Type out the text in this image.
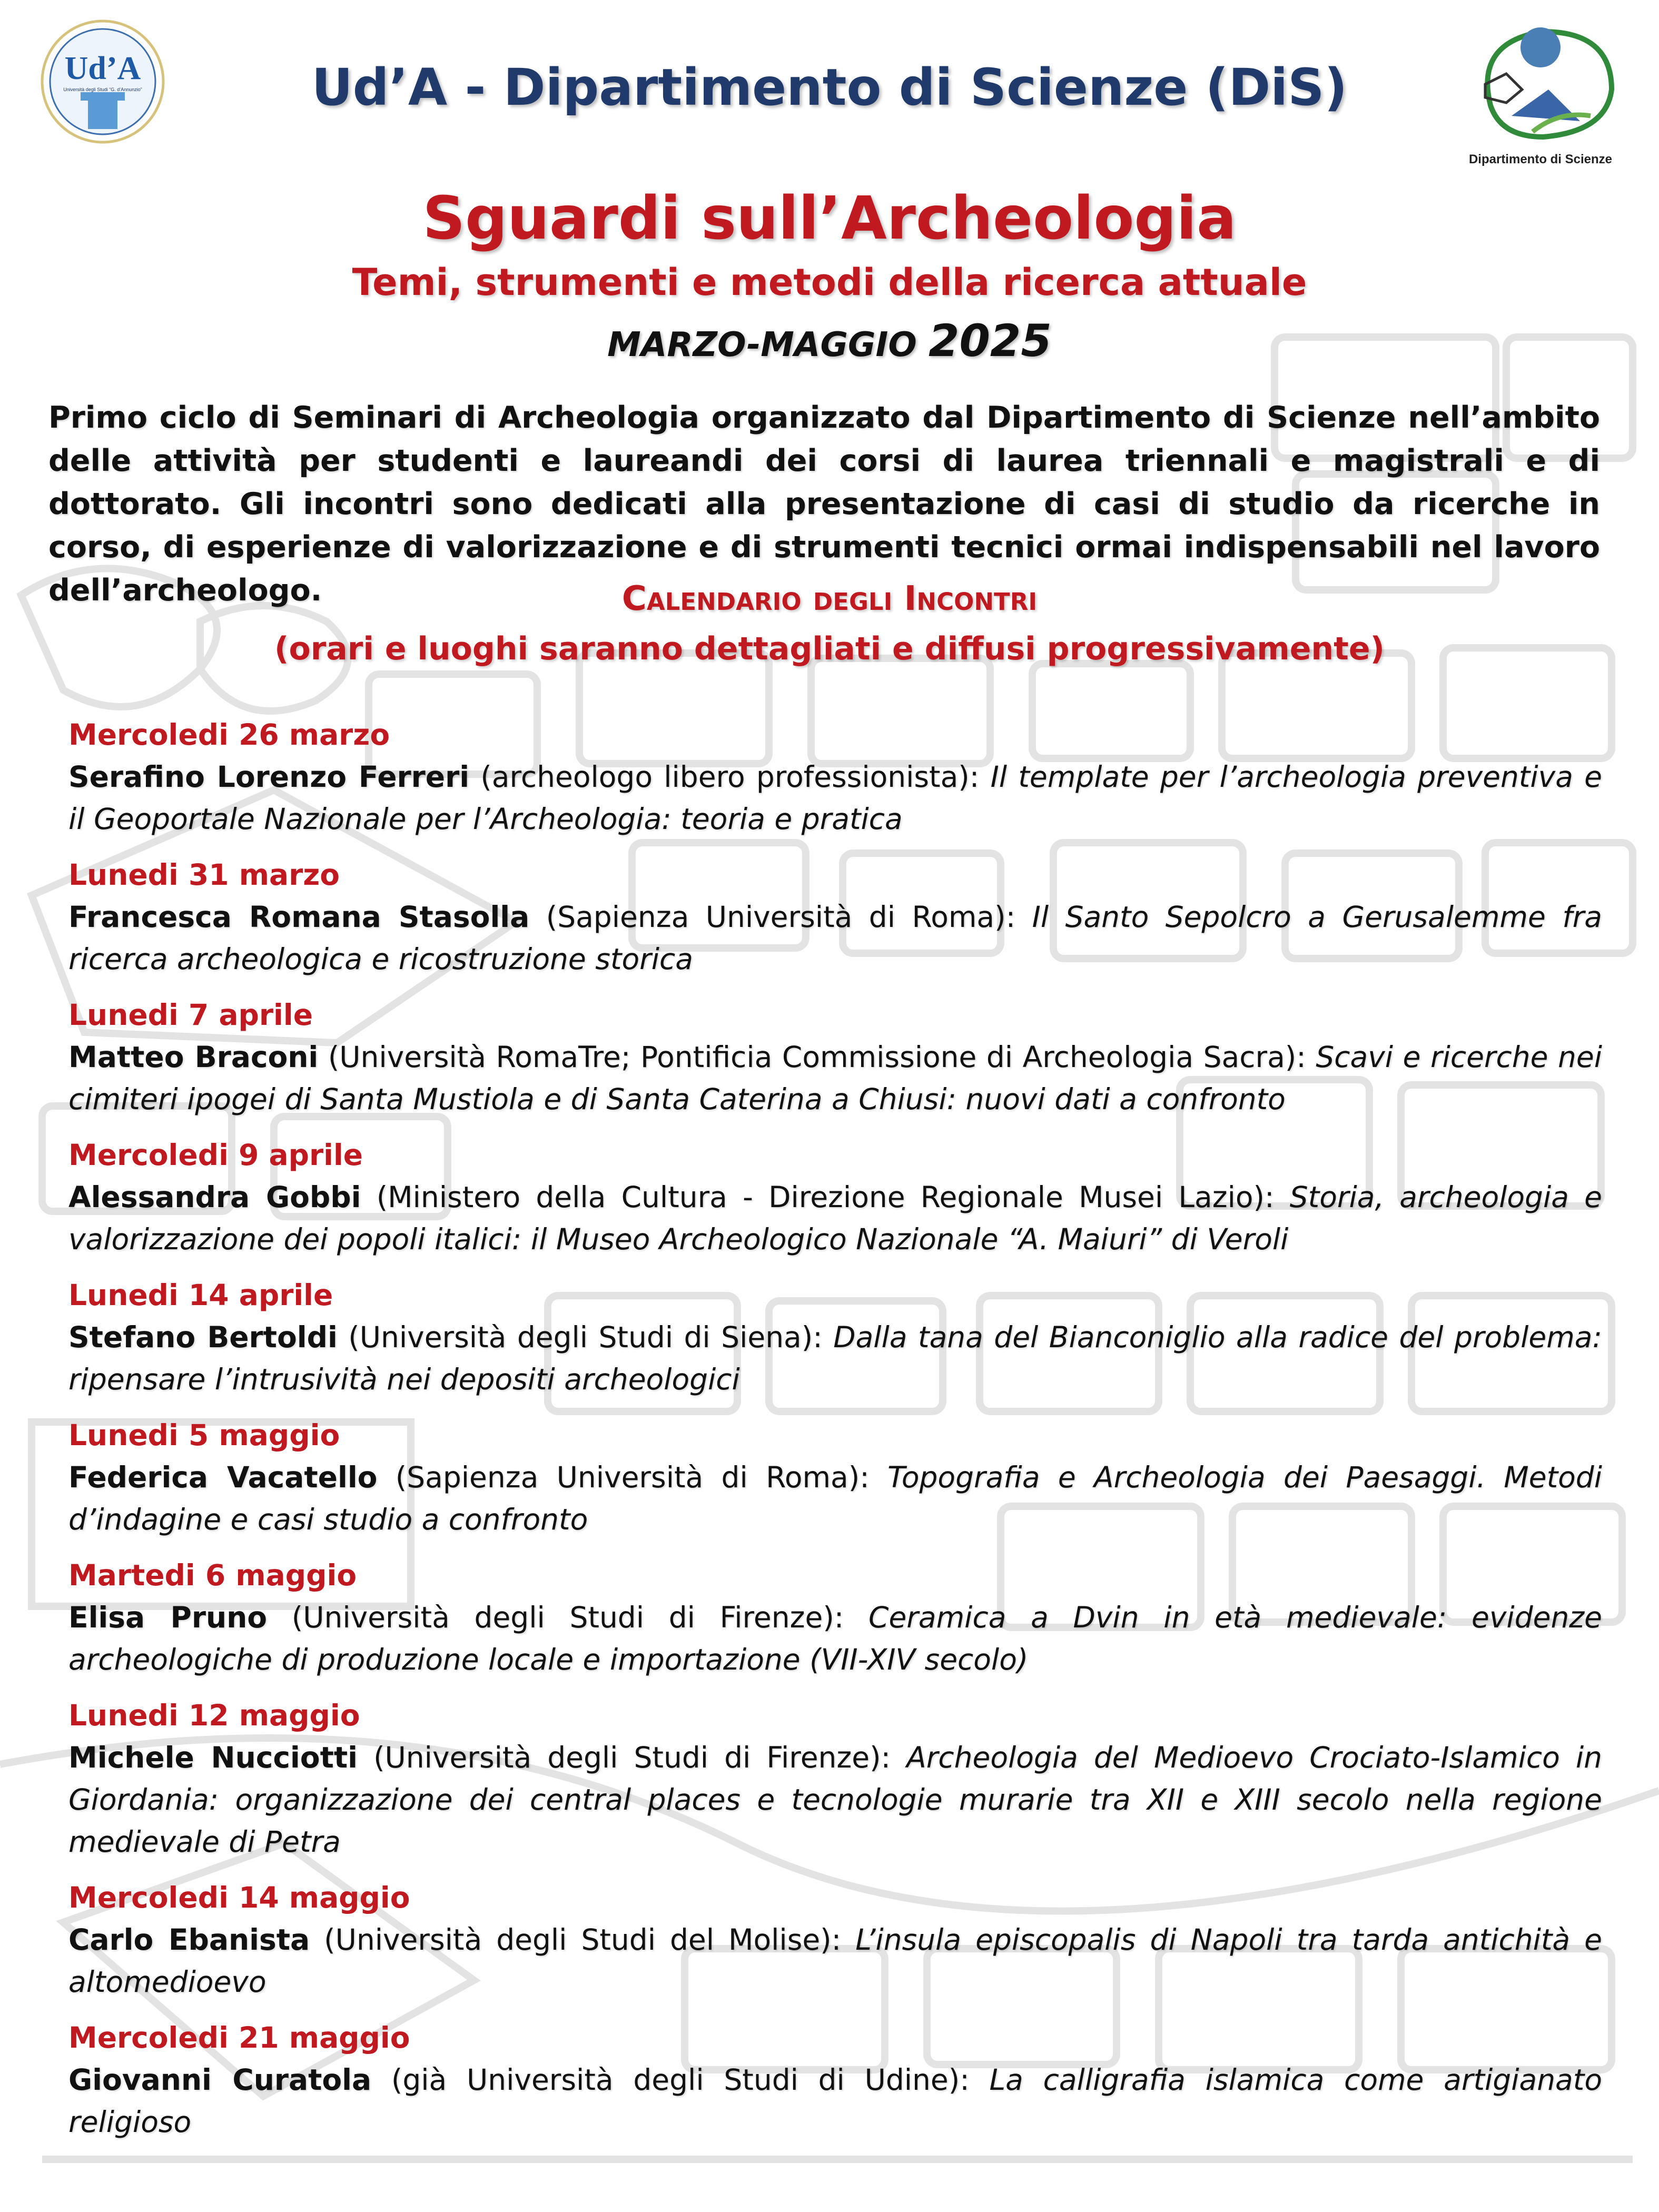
Ud’A
Università degli Studi “G. d’Annunzio”
Dipartimento di Scienze
Ud’A - Dipartimento di Scienze (DiS)
Sguardi sull’Archeologia
Temi, strumenti e metodi della ricerca attuale
MARZO-MAGGIO 2025
Primo ciclo di Seminari di Archeologia organizzato dal Dipartimento di Scienze nell’ambito delle attività per studenti e laureandi dei corsi di laurea triennali e magistrali e di dottorato. Gli incontri sono dedicati alla presentazione di casi di studio da ricerche in corso, di esperienze di valorizzazione e di strumenti tecnici ormai indispensabili nel lavoro dell’archeologo.	Calendario degli Incontri
(orari e luoghi saranno dettagliati e diffusi progressivamente)
Mercoledi 26 marzo
Serafino Lorenzo Ferreri (archeologo libero professionista): Il template per l’archeologia preventiva e il Geoportale Nazionale per l’Archeologia: teoria e pratica
Lunedi 31 marzo
Francesca Romana Stasolla (Sapienza Università di Roma): Il Santo Sepolcro a Gerusalemme fra ricerca archeologica e ricostruzione storica
Lunedi 7 aprile
Matteo Braconi (Università RomaTre; Pontificia Commissione di Archeologia Sacra): Scavi e ricerche nei cimiteri ipogei di Santa Mustiola e di Santa Caterina a Chiusi: nuovi dati a confronto
Mercoledi 9 aprile
Alessandra Gobbi (Ministero della Cultura - Direzione Regionale Musei Lazio): Storia, archeologia e valorizzazione dei popoli italici: il Museo Archeologico Nazionale “A. Maiuri” di Veroli
Lunedi 14 aprile
Stefano Bertoldi (Università degli Studi di Siena): Dalla tana del Bianconiglio alla radice del problema: ripensare l’intrusività nei depositi archeologici
Lunedi 5 maggio
Federica Vacatello (Sapienza Università di Roma): Topografia e Archeologia dei Paesaggi. Metodi d’indagine e casi studio a confronto
Martedi 6 maggio
Elisa Pruno (Università degli Studi di Firenze): Ceramica a Dvin in età medievale: evidenze archeologiche di produzione locale e importazione (VII-XIV secolo)
Lunedi 12 maggio
Michele Nucciotti (Università degli Studi di Firenze): Archeologia del Medioevo Crociato-Islamico in Giordania: organizzazione dei central places e tecnologie murarie tra XII e XIII secolo nella regione medievale di Petra
Mercoledi 14 maggio
Carlo Ebanista (Università degli Studi del Molise): L’insula episcopalis di Napoli tra tarda antichità e altomedioevo
Mercoledi 21 maggio
Giovanni Curatola (già Università degli Studi di Udine): La calligrafia islamica come artigianato religioso
